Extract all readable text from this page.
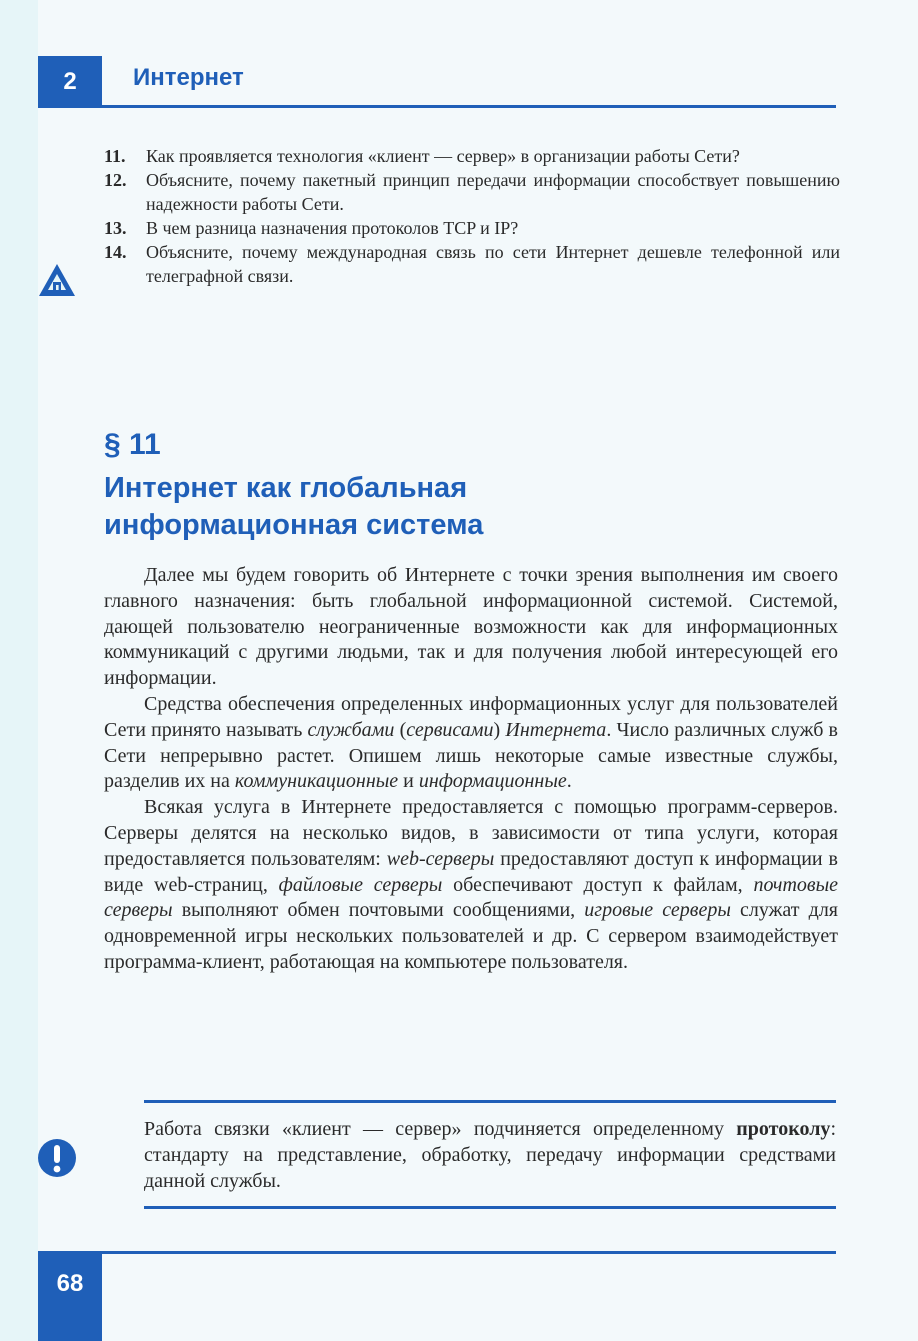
2 Интернет
11.	Как проявляется технология «клиент — сервер» в организации работы Сети?
12.	Объясните, почему пакетный принцип передачи информации способствует повышению надежности работы Сети.
13.	В чем разница назначения протоколов TCP и IP?
14.	Объясните, почему международная связь по сети Интернет дешевле телефонной или телеграфной связи.
§ 11
Интернет как глобальная
информационная система

Далее мы будем говорить об Интернете с точки зрения выполнения им своего главного назначения: быть глобальной информационной системой. Системой, дающей пользователю неограниченные возможности как для информационных коммуникаций с другими людьми, так и для получения любой интересующей его информации.

Средства обеспечения определенных информационных услуг для пользователей Сети принято называть службами (сервисами) Интернета. Число различных служб в Сети непрерывно растет. Опишем лишь некоторые самые известные службы, разделив их на коммуникационные и информационные.

Всякая услуга в Интернете предоставляется с помощью программ-серверов. Серверы делятся на несколько видов, в зависимости от типа услуги, которая предоставляется пользователям: web-серверы предоставляют доступ к информации в виде web-страниц, файловые серверы обеспечивают доступ к файлам, почтовые серверы выполняют обмен почтовыми сообщениями, игровые серверы служат для одновременной игры нескольких пользователей и др. С сервером взаимодействует программа-клиент, работающая на компьютере пользователя.

Работа связки «клиент — сервер» подчиняется определенному протоколу: стандарту на представление, обработку, передачу информации средствами данной службы.
68
